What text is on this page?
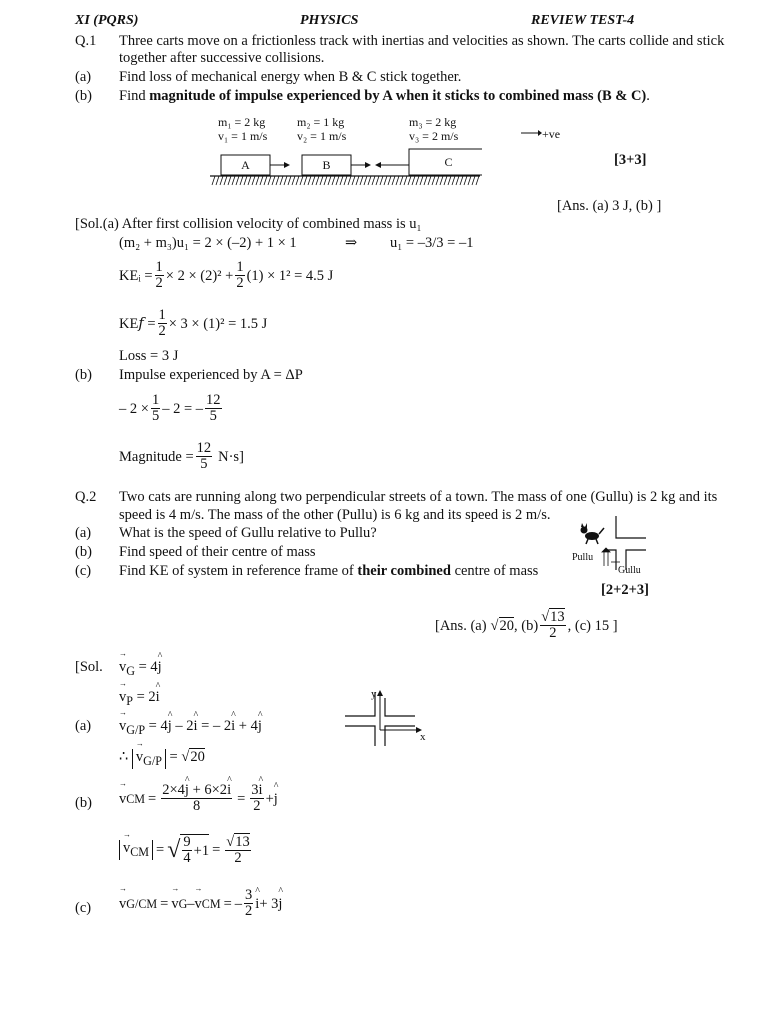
XI (PQRS)	PHYSICS	REVIEW TEST-4
Q.1 Three carts move on a frictionless track with inertias and velocities as shown. The carts collide and stick
together after successive collisions.
(a) Find loss of mechanical energy when B & C stick together.
(b) Find magnitude of impulse experienced by A when it sticks to combined mass (B & C).
m₁ = 2 kg
v₁ = 1 m/s
m₂ = 1 kg
v₂ = 1 m/s
m₃ = 2 kg
v₃ = 2 m/s	+ve
A	B	C	[3+3]
[Ans. (a) 3 J, (b) ]
[Sol.(a) After first collision velocity of combined mass is u₁
(m₂ + m₃)u₁ = 2 × (–2) + 1 × 1	⇒ u₁ = –3/3 = –1
KEᵢ = $\frac{1}{2} \times 2 \times (2)^2 + \frac{1}{2} (1) \times 1^2 = 4.5$ J
KE𝑓 = $\frac{1}{2} \times 3 \times (1)^2 = 1.5$ J
Loss = 3 J
(b) Impulse experienced by A = ΔP
– $2 \times \frac{1}{5} - 2$ = – $\frac{12}{5}$
Magnitude = $\frac{12}{5} N\cdot s$]
Q.2 Two cats are running along two perpendicular streets of a town. The mass of one (Gullu) is 2 kg and its
speed is 4 m/s. The mass of the other (Pullu) is 6 kg and its speed is 2 m/s.
(a) What is the speed of Gullu relative to Pullu?
(b) Find speed of their centre of mass
(c) Find KE of system in reference frame of their combined centre of mass
Pullu
Gullu
[2+2+3]
[Ans. (a) √20 , $(b) \frac{√13}{2}$ , (c) 15 ]
[Sol.
→ $v_G$ = 4^ j
→ $v_P$ = 2^ i
(a)
→ $v_{G/P}$ = 4^ j – 2^ i = – 2^ i + 4^ j
∴ → $v_{G/P} = √20$
y
x
(b)
→ v CM = $\frac{2\times 4\^{} j + 6\times 2\^{} i}{8} = \frac{3\^{} i}{2}$ +
^ j
→ $v_{CM}$ = √ $\frac{9}{4} +1 = \frac{√13}{2}$
(c)
→ v G/CM =
→ v G –
→ v CM = – $\frac{3}{2}$
^ i + 3
^ j
